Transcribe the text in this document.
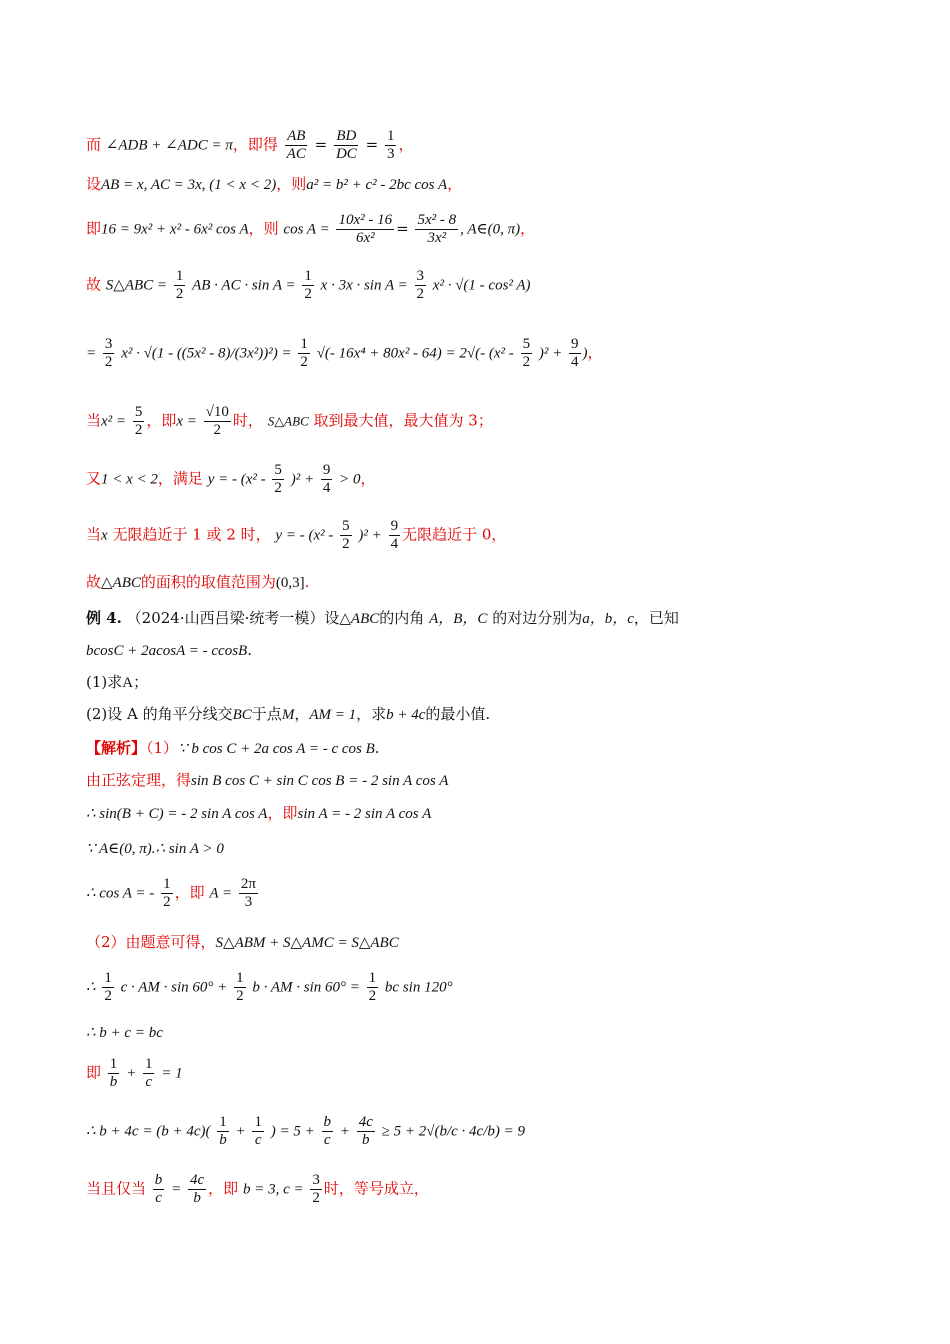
而 ∠ADB + ∠ADC = π，即得 $\frac{AB}{AC} = \frac{BD}{DC} = \frac{1}{3}$ ，
设AB = x, AC = 3x, (1 < x < 2)，则a² = b² + c² - 2bc cos A，
即16 = 9x² + x² - 6x² cos A，则 $\cos A = \frac{\text{10x² - 16}}{\text{6x²}} = \frac{\text{5x² - 8}}{\text{3x²}}$ , A∈(0, π)，
故 S△ABC = $\frac{1}{2}$ AB · AC · $\sin A = \frac{1}{2}$ $x \cdot 3x \cdot \sin A = \frac{3}{2} x^2 \cdot √(1 - \cos^2$ A)
= $\frac{3}{2} x^2 \cdot √(1 - ((5x^2 - 8)/(3x^2))^2) = \frac{1}{2}$ √(- 16x⁴ + 80x² - 64) = 2√(- $(x^2 - \frac{5}{2} )^2 + \frac{9}{4}$ )，
当$x^2 = \frac{5}{2}$ ，即$x = \frac{√10}{2}$ 时， S△ABC 取到最大值，最大值为 3；
又1 < x < 2，满足 y = - $(x^2 - \frac{5}{2} )^2 + \frac{9}{4} > 0$，
当x 无限趋近于 1 或 2 时， y = - $(x^2 - \frac{5}{2} )^2 + \frac{9}{4}$ 无限趋近于 0，
故△ABC的面积的取值范围为(0,3].
例 4. （2024·山西吕梁·统考一模）设△ABC的内角 A，B，C 的对边分别为a，b，c，已知
bcosC + 2acosA = - ccosB.
(1)求A；
(2)设 A 的角平分线交BC于点M，AM = 1，求b + 4c的最小值.
【解析】（1）∵ b cos C + 2a cos A = - c cos B.
由正弦定理，得sin B cos C + sin C cos B = - 2 sin A cos A
∴ sin(B + C) = - 2 sin A cos A，即sin A = - 2 sin A cos A
∵ A∈(0, π).∴ sin A > 0
∴ cos A = - $\frac{1}{2}$ ，即 $A = \frac{2\pi}{3}$
（2）由题意可得，S△ABM + S△AMC = S△ABC
∴ $\frac{1}{2}$ c · AM · $\sin 60^\circ + \frac{1}{2}$ b · AM · $\sin 60^\circ = \frac{1}{2}$ bc sin 120°
∴ b + c = bc
即 $\frac{1}{b} + \frac{1}{c} = 1$
∴ $b + 4c = (b + 4c)( \frac{1}{b} + \frac{1}{c}$ ) = $5 + \frac{b}{c} + \frac{4c}{b} \ge 5 + 2√(b/c \cdot 4c/b) = 9$
当且仅当 $\frac{b}{c} = \frac{4c}{b}$ ，即 b = 3, $c = \frac{3}{2}$ 时，等号成立，
